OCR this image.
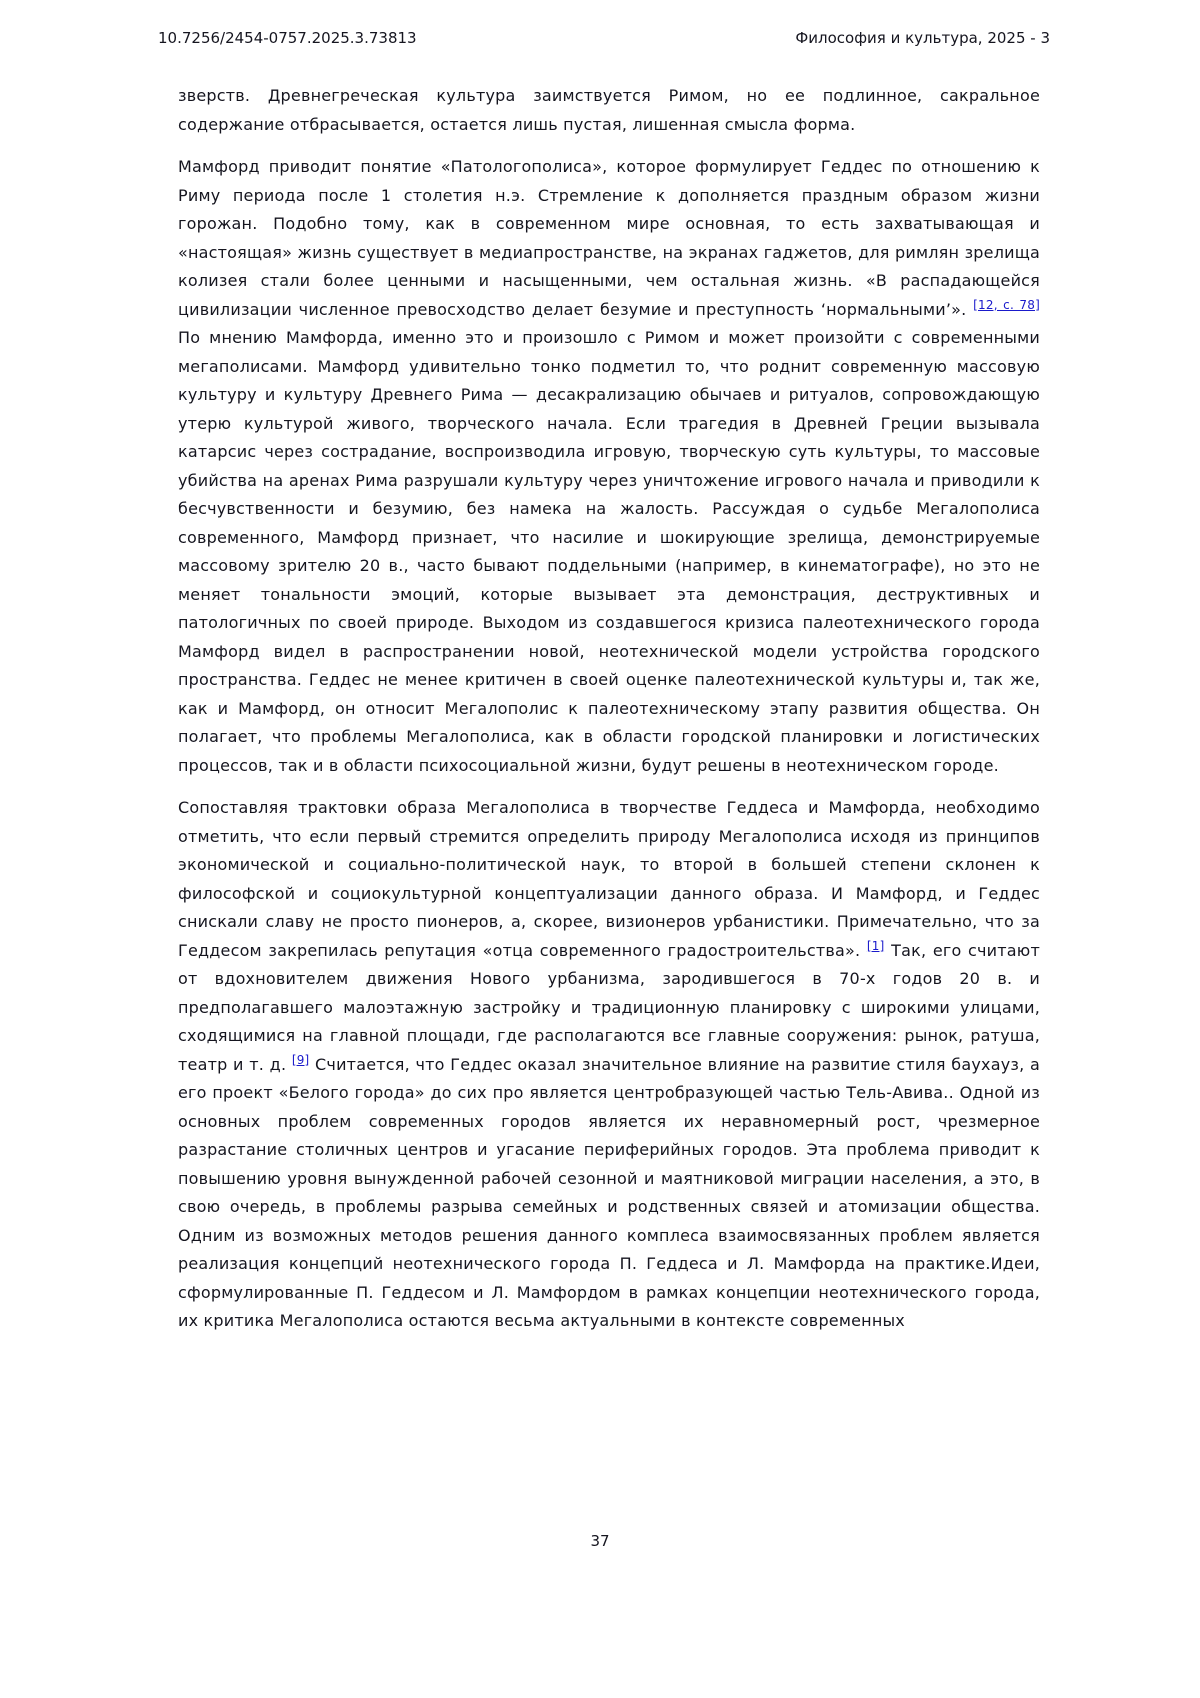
10.7256/2454-0757.2025.3.73813	Философия и культура, 2025 - 3

зверств. Древнегреческая культура заимствуется Римом, но ее подлинное, сакральное содержание отбрасывается, остается лишь пустая, лишенная смысла форма.

Мамфорд приводит понятие «Патологополиса», которое формулирует Геддес по отношению к Риму периода после 1 столетия н.э. Стремление к дополняется праздным образом жизни горожан. Подобно тому, как в современном мире основная, то есть захватывающая и «настоящая» жизнь существует в медиапространстве, на экранах гаджетов, для римлян зрелища колизея стали более ценными и насыщенными, чем остальная жизнь. «В распадающейся цивилизации численное превосходство делает безумие и преступность ‘нормальными’». [12, с. 78] По мнению Мамфорда, именно это и произошло с Римом и может произойти с современными мегаполисами. Мамфорд удивительно тонко подметил то, что роднит современную массовую культуру и культуру Древнего Рима — десакрализацию обычаев и ритуалов, сопровождающую утерю культурой живого, творческого начала. Если трагедия в Древней Греции вызывала катарсис через сострадание, воспроизводила игровую, творческую суть культуры, то массовые убийства на аренах Рима разрушали культуру через уничтожение игрового начала и приводили к бесчувственности и безумию, без намека на жалость. Рассуждая о судьбе Мегалополиса современного, Мамфорд признает, что насилие и шокирующие зрелища, демонстрируемые массовому зрителю 20 в., часто бывают поддельными (например, в кинематографе), но это не меняет тональности эмоций, которые вызывает эта демонстрация, деструктивных и патологичных по своей природе. Выходом из создавшегося кризиса палеотехнического города Мамфорд видел в распространении новой, неотехнической модели устройства городского пространства. Геддес не менее критичен в своей оценке палеотехнической культуры и, так же, как и Мамфорд, он относит Мегалополис к палеотехническому этапу развития общества. Он полагает, что проблемы Мегалополиса, как в области городской планировки и логистических процессов, так и в области психосоциальной жизни, будут решены в неотехническом городе.

Сопоставляя трактовки образа Мегалополиса в творчестве Геддеса и Мамфорда, необходимо отметить, что если первый стремится определить природу Мегалополиса исходя из принципов экономической и социально-политической наук, то второй в большей степени склонен к философской и социокультурной концептуализации данного образа. И Мамфорд, и Геддес снискали славу не просто пионеров, а, скорее, визионеров урбанистики. Примечательно, что за Геддесом закрепилась репутация «отца современного градостроительства». [1] Так, его считают от вдохновителем движения Нового урбанизма, зародившегося в 70-х годов 20 в. и предполагавшего малоэтажную застройку и традиционную планировку с широкими улицами, сходящимися на главной площади, где располагаются все главные сооружения: рынок, ратуша, театр и т. д. [9] Считается, что Геддес оказал значительное влияние на развитие стиля баухауз, а его проект «Белого города» до сих про является центробразующей частью Тель-Авива.. Одной из основных проблем современных городов является их неравномерный рост, чрезмерное разрастание столичных центров и угасание периферийных городов. Эта проблема приводит к повышению уровня вынужденной рабочей сезонной и маятниковой миграции населения, а это, в свою очередь, в проблемы разрыва семейных и родственных связей и атомизации общества. Одним из возможных методов решения данного комплеса взаимосвязанных проблем является реализация концепций неотехнического города П. Геддеса и Л. Мамфорда на практике.Идеи, сформулированные П. Геддесом и Л. Мамфордом в рамках концепции неотехнического города, их критика Мегалополиса остаются весьма актуальными в контексте современных

37
